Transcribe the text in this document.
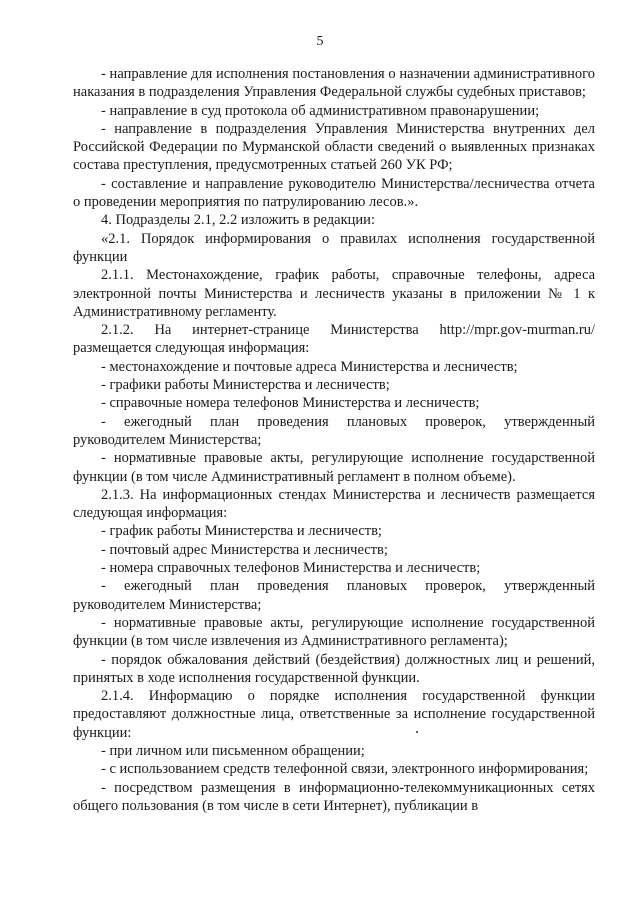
5

- направление для исполнения постановления о назначении административного наказания в подразделения Управления Федеральной службы судебных приставов;

- направление в суд протокола об административном правонарушении;

- направление в подразделения Управления Министерства внутренних дел Российской Федерации по Мурманской области сведений о выявленных признаках состава преступления, предусмотренных статьей 260 УК РФ;

- составление и направление руководителю Министерства/лесничества отчета о проведении мероприятия по патрулированию лесов.».

4. Подразделы 2.1, 2.2 изложить в редакции:

«2.1. Порядок информирования о правилах исполнения государственной функции

2.1.1. Местонахождение, график работы, справочные телефоны, адреса электронной почты Министерства и лесничеств указаны в приложении № 1 к Административному регламенту.

2.1.2. На интернет-странице Министерства http://mpr.gov-murman.ru/ размещается следующая информация:

- местонахождение и почтовые адреса Министерства и лесничеств;

- графики работы Министерства и лесничеств;

- справочные номера телефонов Министерства и лесничеств;

- ежегодный план проведения плановых проверок, утвержденный руководителем Министерства;

- нормативные правовые акты, регулирующие исполнение государственной функции (в том числе Административный регламент в полном объеме).

2.1.3. На информационных стендах Министерства и лесничеств размещается следующая информация:

- график работы Министерства и лесничеств;

- почтовый адрес Министерства и лесничеств;

- номера справочных телефонов Министерства и лесничеств;

- ежегодный план проведения плановых проверок, утвержденный руководителем Министерства;

- нормативные правовые акты, регулирующие исполнение государственной функции (в том числе извлечения из Административного регламента);

- порядок обжалования действий (бездействия) должностных лиц и решений, принятых в ходе исполнения государственной функции.

2.1.4. Информацию о порядке исполнения государственной функции предоставляют должностные лица, ответственные за исполнение государственной функции:

- при личном или письменном обращении;

- с использованием средств телефонной связи, электронного информирования;

- посредством размещения в информационно-телекоммуникационных сетях общего пользования (в том числе в сети Интернет), публикации в
